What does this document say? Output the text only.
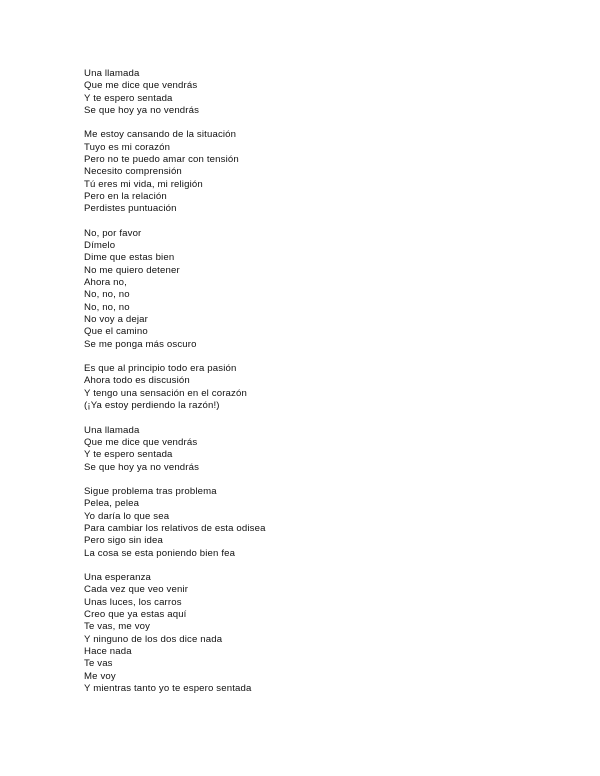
Una llamada
Que me dice que vendrás
Y te espero sentada
Se que hoy ya no vendrás
Me estoy cansando de la situación
Tuyo es mi corazón
Pero no te puedo amar con tensión
Necesito comprensión
Tú eres mi vida, mi religión
Pero en la relación
Perdistes puntuación
No, por favor
Dímelo
Dime que estas bien
No me quiero detener
Ahora no,
No, no, no
No, no, no
No voy a dejar
Que el camino
Se me ponga más oscuro
Es que al principio todo era pasión
Ahora todo es discusión
Y tengo una sensación en el corazón
(¡Ya estoy perdiendo la razón!)
Una llamada
Que me dice que vendrás
Y te espero sentada
Se que hoy ya no vendrás
Sigue problema tras problema
Pelea, pelea
Yo daría lo que sea
Para cambiar los relativos de esta odisea
Pero sigo sin idea
La cosa se esta poniendo bien fea
Una esperanza
Cada vez que veo venir
Unas luces, los carros
Creo que ya estas aquí
Te vas, me voy
Y ninguno de los dos dice nada
Hace nada
Te vas
Me voy
Y mientras tanto yo te espero sentada
